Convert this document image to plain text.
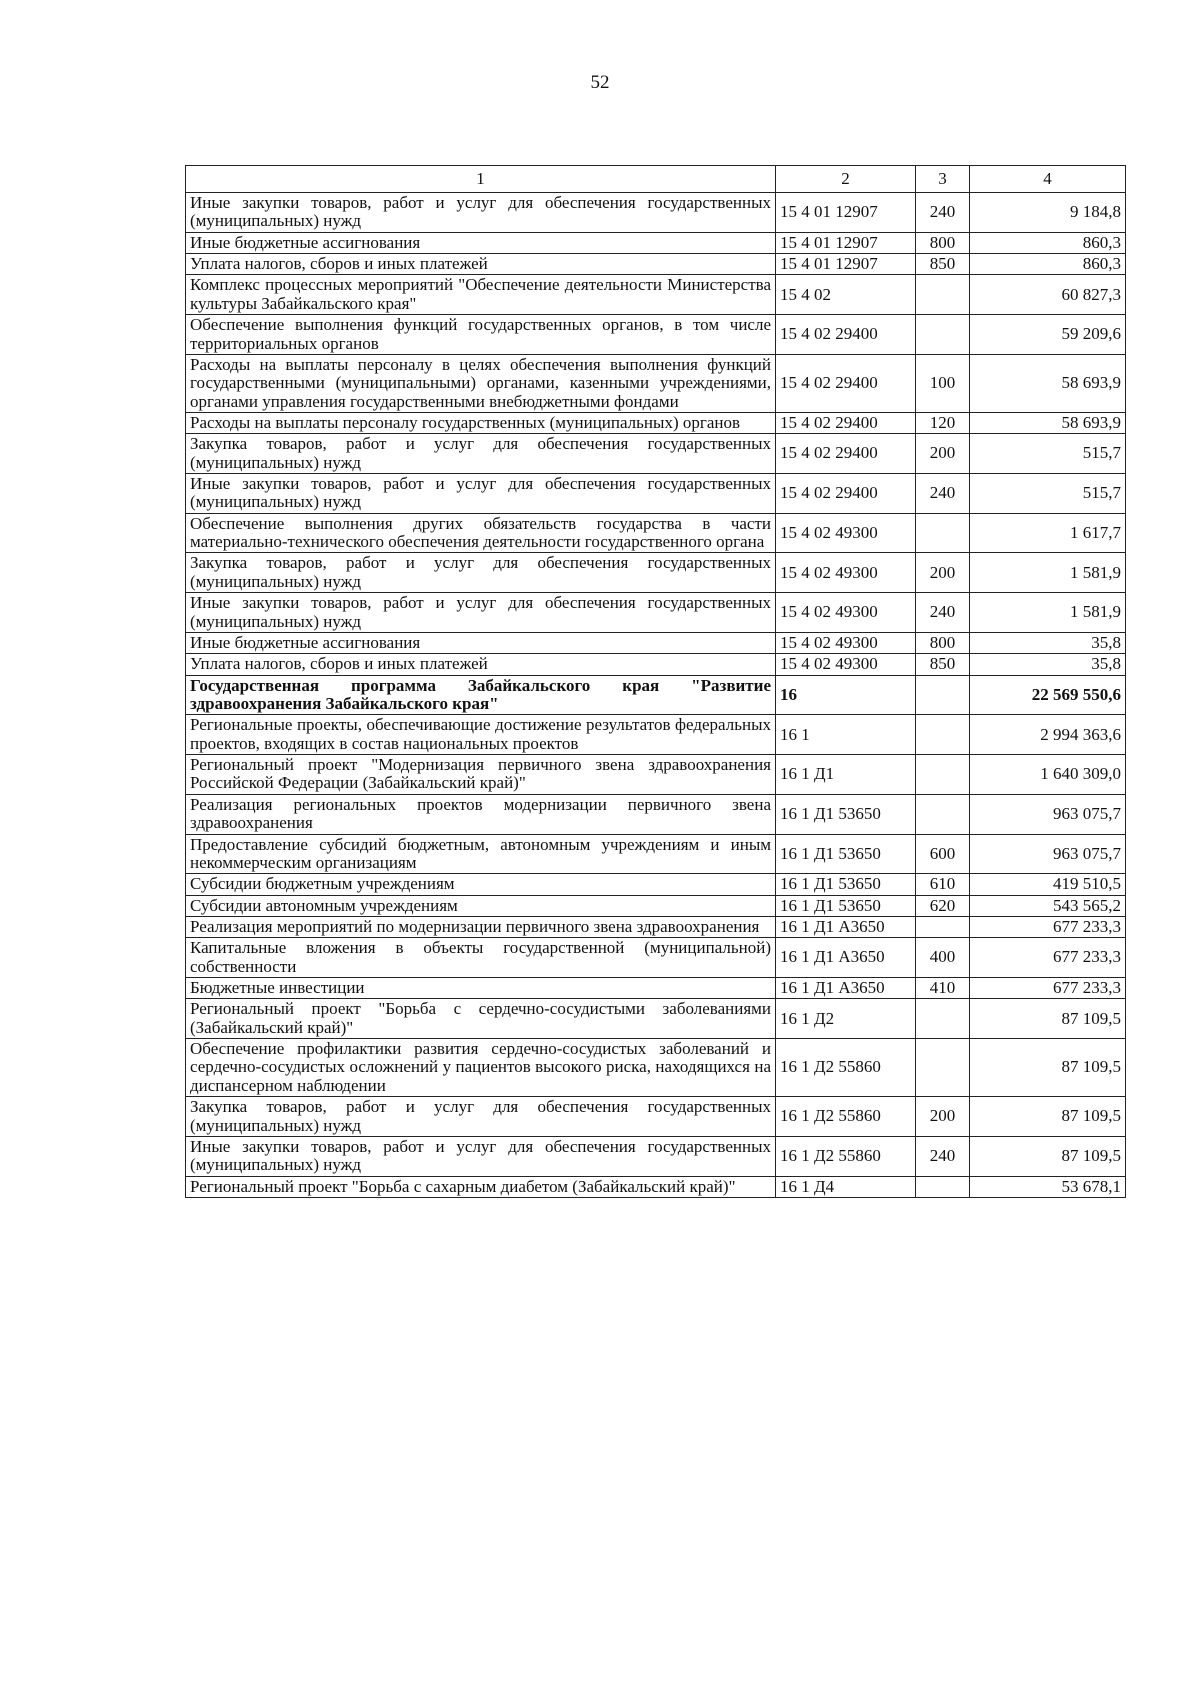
52
1	2	3	4
Иные закупки товаров, работ и услуг для обеспечения государственных (муниципальных) нужд	15 4 01 12907	240	9 184,8
Иные бюджетные ассигнования	15 4 01 12907	800	860,3
Уплата налогов, сборов и иных платежей	15 4 01 12907	850	860,3
Комплекс процессных мероприятий "Обеспечение деятельности Министерства культуры Забайкальского края"	15 4 02		60 827,3
Обеспечение выполнения функций государственных органов, в том числе территориальных органов	15 4 02 29400		59 209,6
Расходы на выплаты персоналу в целях обеспечения выполнения функций государственными (муниципальными) органами, казенными учреждениями, органами управления государственными внебюджетными фондами	15 4 02 29400	100	58 693,9
Расходы на выплаты персоналу государственных (муниципальных) органов	15 4 02 29400	120	58 693,9
Закупка товаров, работ и услуг для обеспечения государственных (муниципальных) нужд	15 4 02 29400	200	515,7
Иные закупки товаров, работ и услуг для обеспечения государственных (муниципальных) нужд	15 4 02 29400	240	515,7
Обеспечение выполнения других обязательств государства в части материально-технического обеспечения деятельности государственного органа	15 4 02 49300		1 617,7
Закупка товаров, работ и услуг для обеспечения государственных (муниципальных) нужд	15 4 02 49300	200	1 581,9
Иные закупки товаров, работ и услуг для обеспечения государственных (муниципальных) нужд	15 4 02 49300	240	1 581,9
Иные бюджетные ассигнования	15 4 02 49300	800	35,8
Уплата налогов, сборов и иных платежей	15 4 02 49300	850	35,8
Государственная программа Забайкальского края "Развитие здравоохранения Забайкальского края"	16		22 569 550,6
Региональные проекты, обеспечивающие достижение результатов федеральных проектов, входящих в состав национальных проектов	16 1		2 994 363,6
Региональный проект "Модернизация первичного звена здравоохранения Российской Федерации (Забайкальский край)"	16 1 Д1		1 640 309,0
Реализация региональных проектов модернизации первичного звена здравоохранения	16 1 Д1 53650		963 075,7
Предоставление субсидий бюджетным, автономным учреждениям и иным некоммерческим организациям	16 1 Д1 53650	600	963 075,7
Субсидии бюджетным учреждениям	16 1 Д1 53650	610	419 510,5
Субсидии автономным учреждениям	16 1 Д1 53650	620	543 565,2
Реализация мероприятий по модернизации первичного звена здравоохранения	16 1 Д1 А3650		677 233,3
Капитальные вложения в объекты государственной (муниципальной) собственности	16 1 Д1 А3650	400	677 233,3
Бюджетные инвестиции	16 1 Д1 А3650	410	677 233,3
Региональный проект "Борьба с сердечно-сосудистыми заболеваниями (Забайкальский край)"	16 1 Д2		87 109,5
Обеспечение профилактики развития сердечно-сосудистых заболеваний и сердечно-сосудистых осложнений у пациентов высокого риска, находящихся на диспансерном наблюдении	16 1 Д2 55860		87 109,5
Закупка товаров, работ и услуг для обеспечения государственных (муниципальных) нужд	16 1 Д2 55860	200	87 109,5
Иные закупки товаров, работ и услуг для обеспечения государственных (муниципальных) нужд	16 1 Д2 55860	240	87 109,5
Региональный проект "Борьба с сахарным диабетом (Забайкальский край)"	16 1 Д4		53 678,1
